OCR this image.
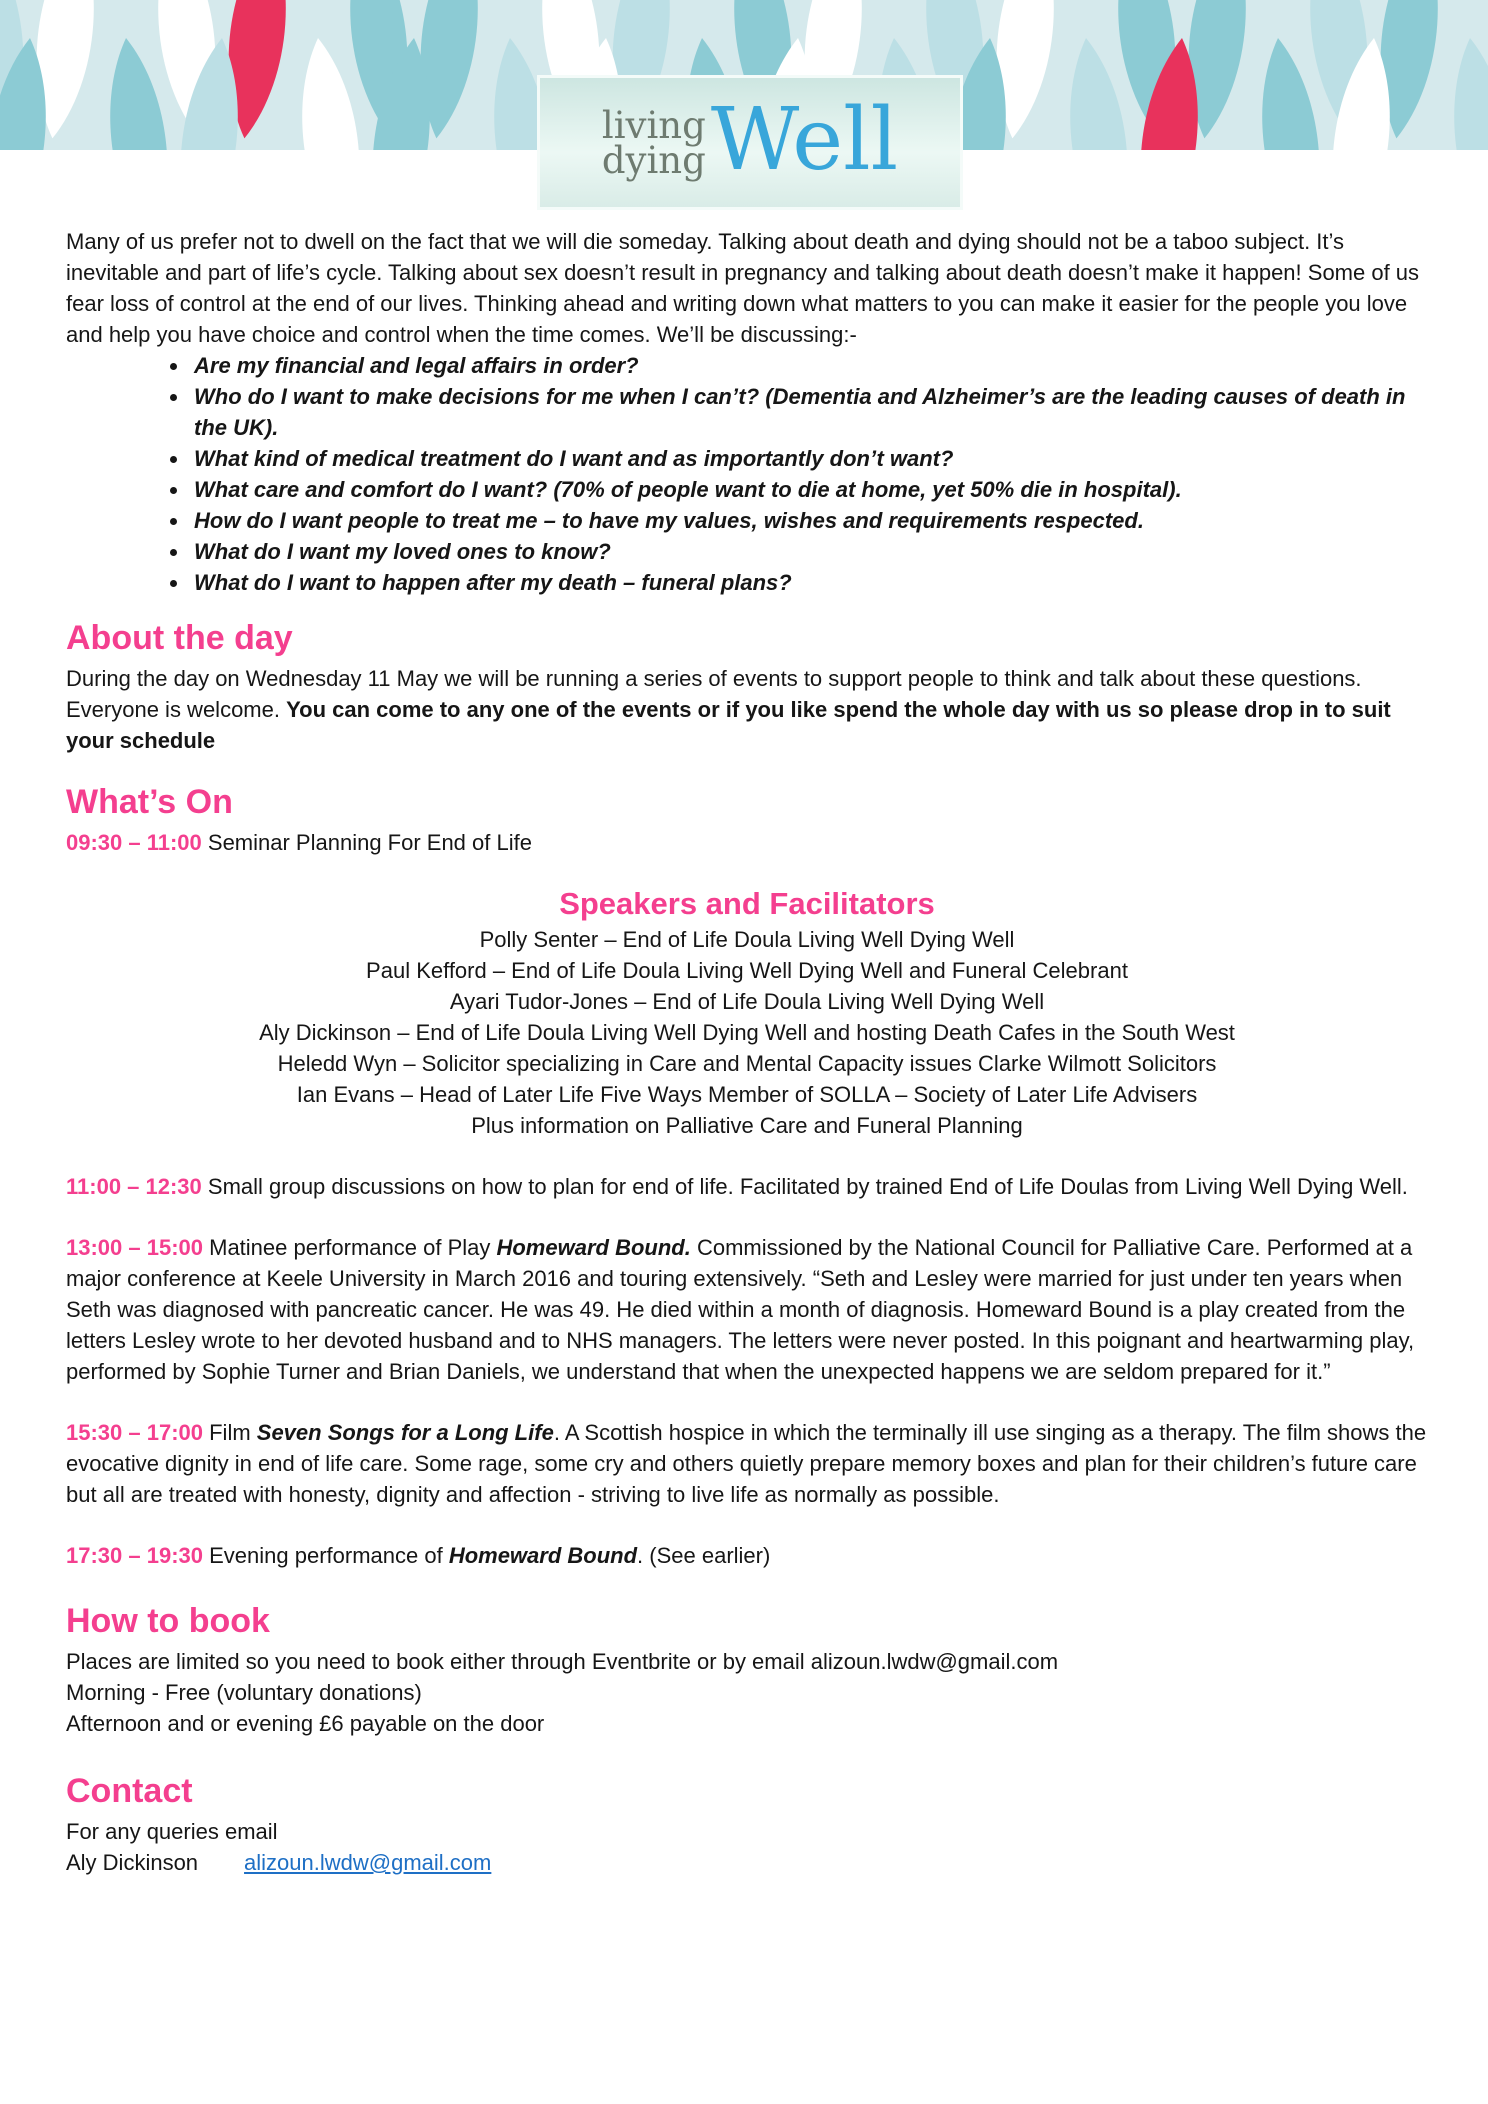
living
dying Well

Many of us prefer not to dwell on the fact that we will die someday. Talking about death and dying should not be a taboo subject. It’s inevitable and part of life’s cycle. Talking about sex doesn’t result in pregnancy and talking about death doesn’t make it happen! Some of us fear loss of control at the end of our lives. Thinking ahead and writing down what matters to you can make it easier for the people you love and help you have choice and control when the time comes. We’ll be discussing:-

• Are my financial and legal affairs in order?
• Who do I want to make decisions for me when I can’t? (Dementia and Alzheimer’s are the leading causes of death in the UK).
• What kind of medical treatment do I want and as importantly don’t want?
• What care and comfort do I want? (70% of people want to die at home, yet 50% die in hospital).
• How do I want people to treat me – to have my values, wishes and requirements respected.
• What do I want my loved ones to know?
• What do I want to happen after my death – funeral plans?
About the day

During the day on Wednesday 11 May we will be running a series of events to support people to think and talk about these questions. Everyone is welcome. You can come to any one of the events or if you like spend the whole day with us so please drop in to suit your schedule

What’s On

09:30 – 11:00 Seminar Planning For End of Life

Speakers and Facilitators
Polly Senter – End of Life Doula Living Well Dying Well
Paul Kefford – End of Life Doula Living Well Dying Well and Funeral Celebrant
Ayari Tudor-Jones – End of Life Doula Living Well Dying Well
Aly Dickinson – End of Life Doula Living Well Dying Well and hosting Death Cafes in the South West
Heledd Wyn – Solicitor specializing in Care and Mental Capacity issues Clarke Wilmott Solicitors
Ian Evans – Head of Later Life Five Ways Member of SOLLA – Society of Later Life Advisers
Plus information on Palliative Care and Funeral Planning

11:00 – 12:30 Small group discussions on how to plan for end of life. Facilitated by trained End of Life Doulas from Living Well Dying Well.

13:00 – 15:00 Matinee performance of Play Homeward Bound. Commissioned by the National Council for Palliative Care. Performed at a major conference at Keele University in March 2016 and touring extensively. “Seth and Lesley were married for just under ten years when Seth was diagnosed with pancreatic cancer. He was 49. He died within a month of diagnosis. Homeward Bound is a play created from the letters Lesley wrote to her devoted husband and to NHS managers. The letters were never posted. In this poignant and heartwarming play, performed by Sophie Turner and Brian Daniels, we understand that when the unexpected happens we are seldom prepared for it.”

15:30 – 17:00 Film Seven Songs for a Long Life. A Scottish hospice in which the terminally ill use singing as a therapy. The film shows the evocative dignity in end of life care. Some rage, some cry and others quietly prepare memory boxes and plan for their children’s future care but all are treated with honesty, dignity and affection - striving to live life as normally as possible.

17:30 – 19:30 Evening performance of Homeward Bound. (See earlier)

How to book
Places are limited so you need to book either through Eventbrite or by email alizoun.lwdw@gmail.com
Morning - Free (voluntary donations)
Afternoon and or evening £6 payable on the door
Contact
For any queries email
Aly Dickinson alizoun.lwdw@gmail.com
